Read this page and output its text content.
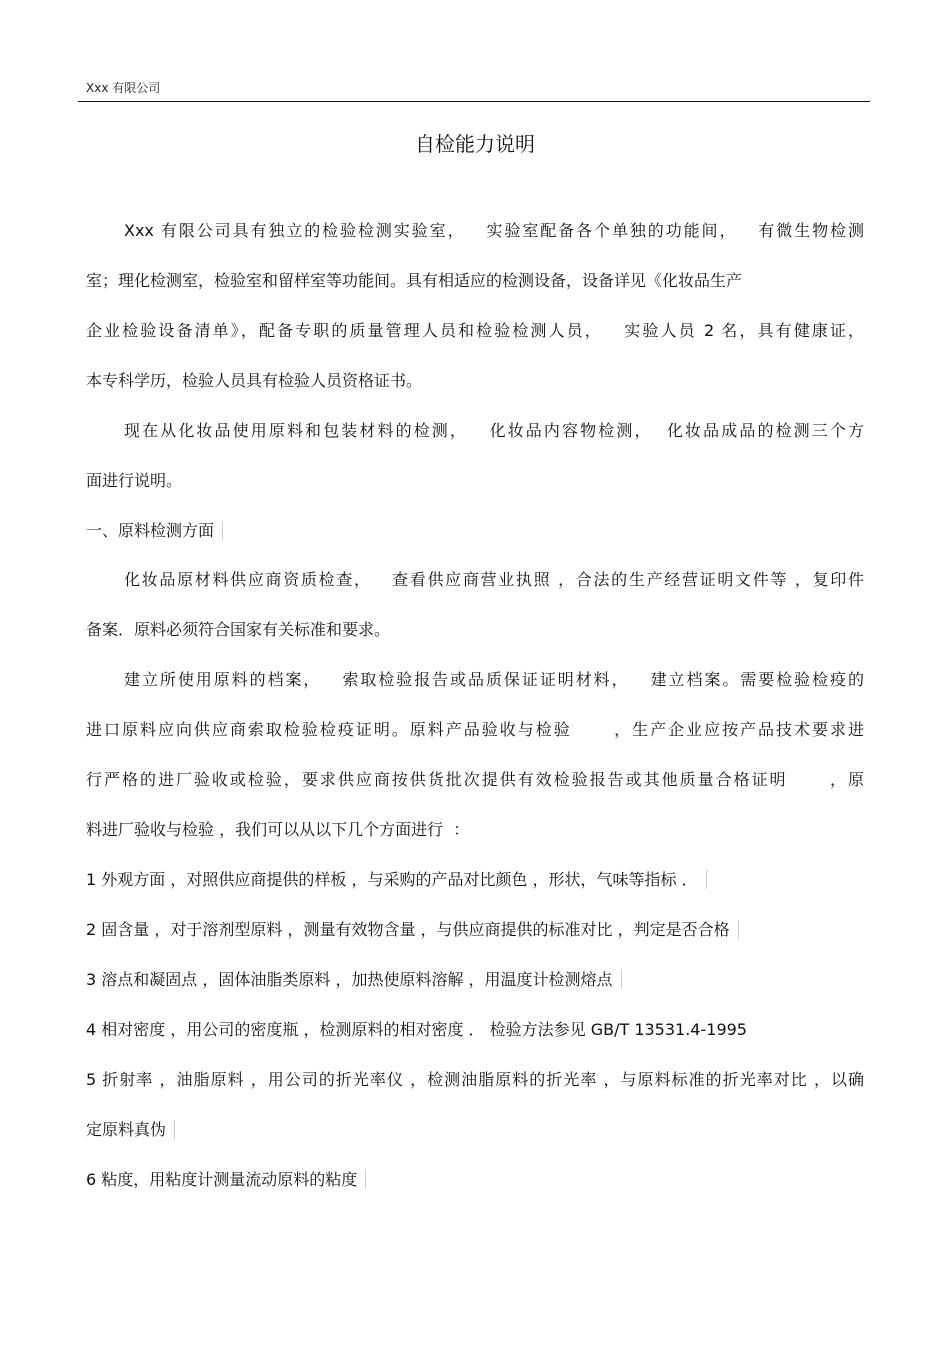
Xxx 有限公司
自检能力说明
Xxx 有限公司具有独立的检验检测实验室，   实验室配备各个单独的功能间，   有微生物检测
室；理化检测室，检验室和留样室等功能间。具有相适应的检测设备，设备详见《化妆品生产
企业检验设备清单》，配备专职的质量管理人员和检验检测人员，   实验人员 2 名，具有健康证，
本专科学历，检验人员具有检验人员资格证书。
现在从化妆品使用原料和包装材料的检测，   化妆品内容物检测，  化妆品成品的检测三个方
面进行说明。
一、原料检测方面
化妆品原材料供应商资质检查，   查看供应商营业执照 ，合法的生产经营证明文件等 ，复印件
备案．原料必须符合国家有关标准和要求。
建立所使用原料的档案，   索取检验报告或品质保证证明材料，   建立档案。需要检验检疫的
进口原料应向供应商索取检验检疫证明。原料产品验收与检验      ，生产企业应按产品技术要求进
行严格的进厂验收或检验，要求供应商按供货批次提供有效检验报告或其他质量合格证明      ，原
料进厂验收与检验 ，我们可以从以下几个方面进行  ：
1 外观方面 ，对照供应商提供的样板 ，与采购的产品对比颜色 ，形状，气味等指标 ．
2 固含量 ，对于溶剂型原料 ，测量有效物含量 ，与供应商提供的标准对比 ，判定是否合格
3 溶点和凝固点 ，固体油脂类原料 ，加热使原料溶解 ，用温度计检测熔点
4 相对密度 ，用公司的密度瓶 ，检测原料的相对密度 ． 检验方法参见 GB/T 13531.4-1995
5 折射率 ，油脂原料 ，用公司的折光率仪 ，检测油脂原料的折光率 ，与原料标准的折光率对比 ，以确
定原料真伪
6 粘度，用粘度计测量流动原料的粘度
